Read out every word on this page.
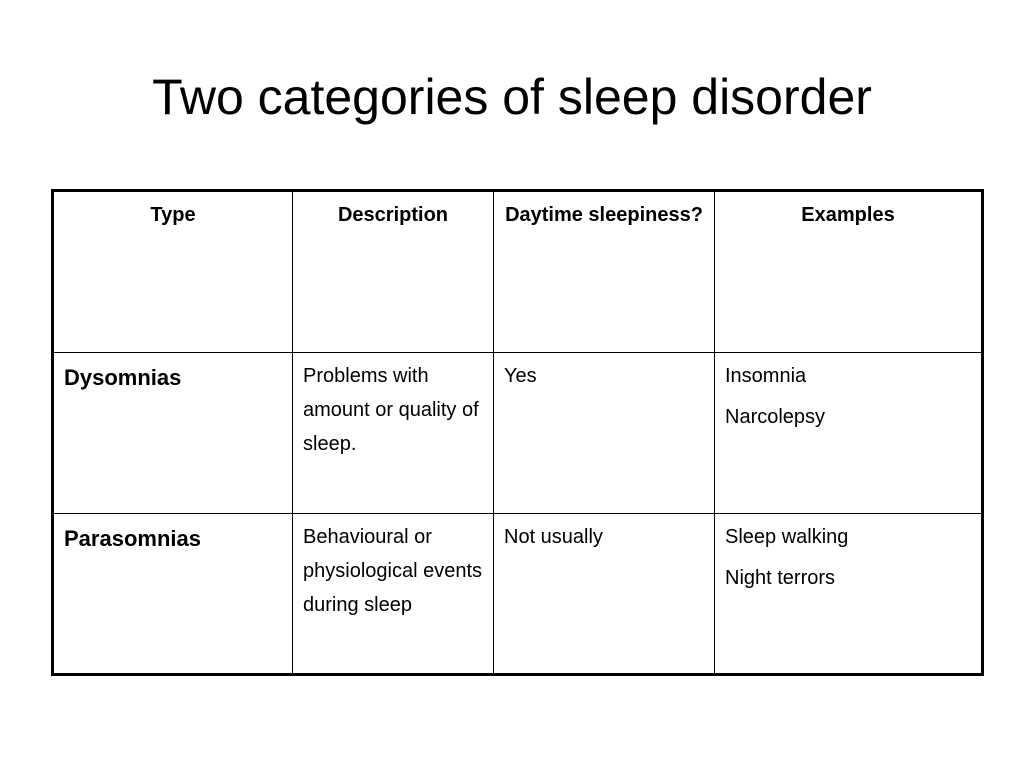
Two categories of sleep disorder
Type	Description	Daytime sleepiness?	Examples
Dysomnias	Problems with amount or quality of sleep.	Yes	Insomnia
Narcolepsy

Parasomnias	Behavioural or physiological events during sleep	Not usually	Sleep walking
Night terrors
